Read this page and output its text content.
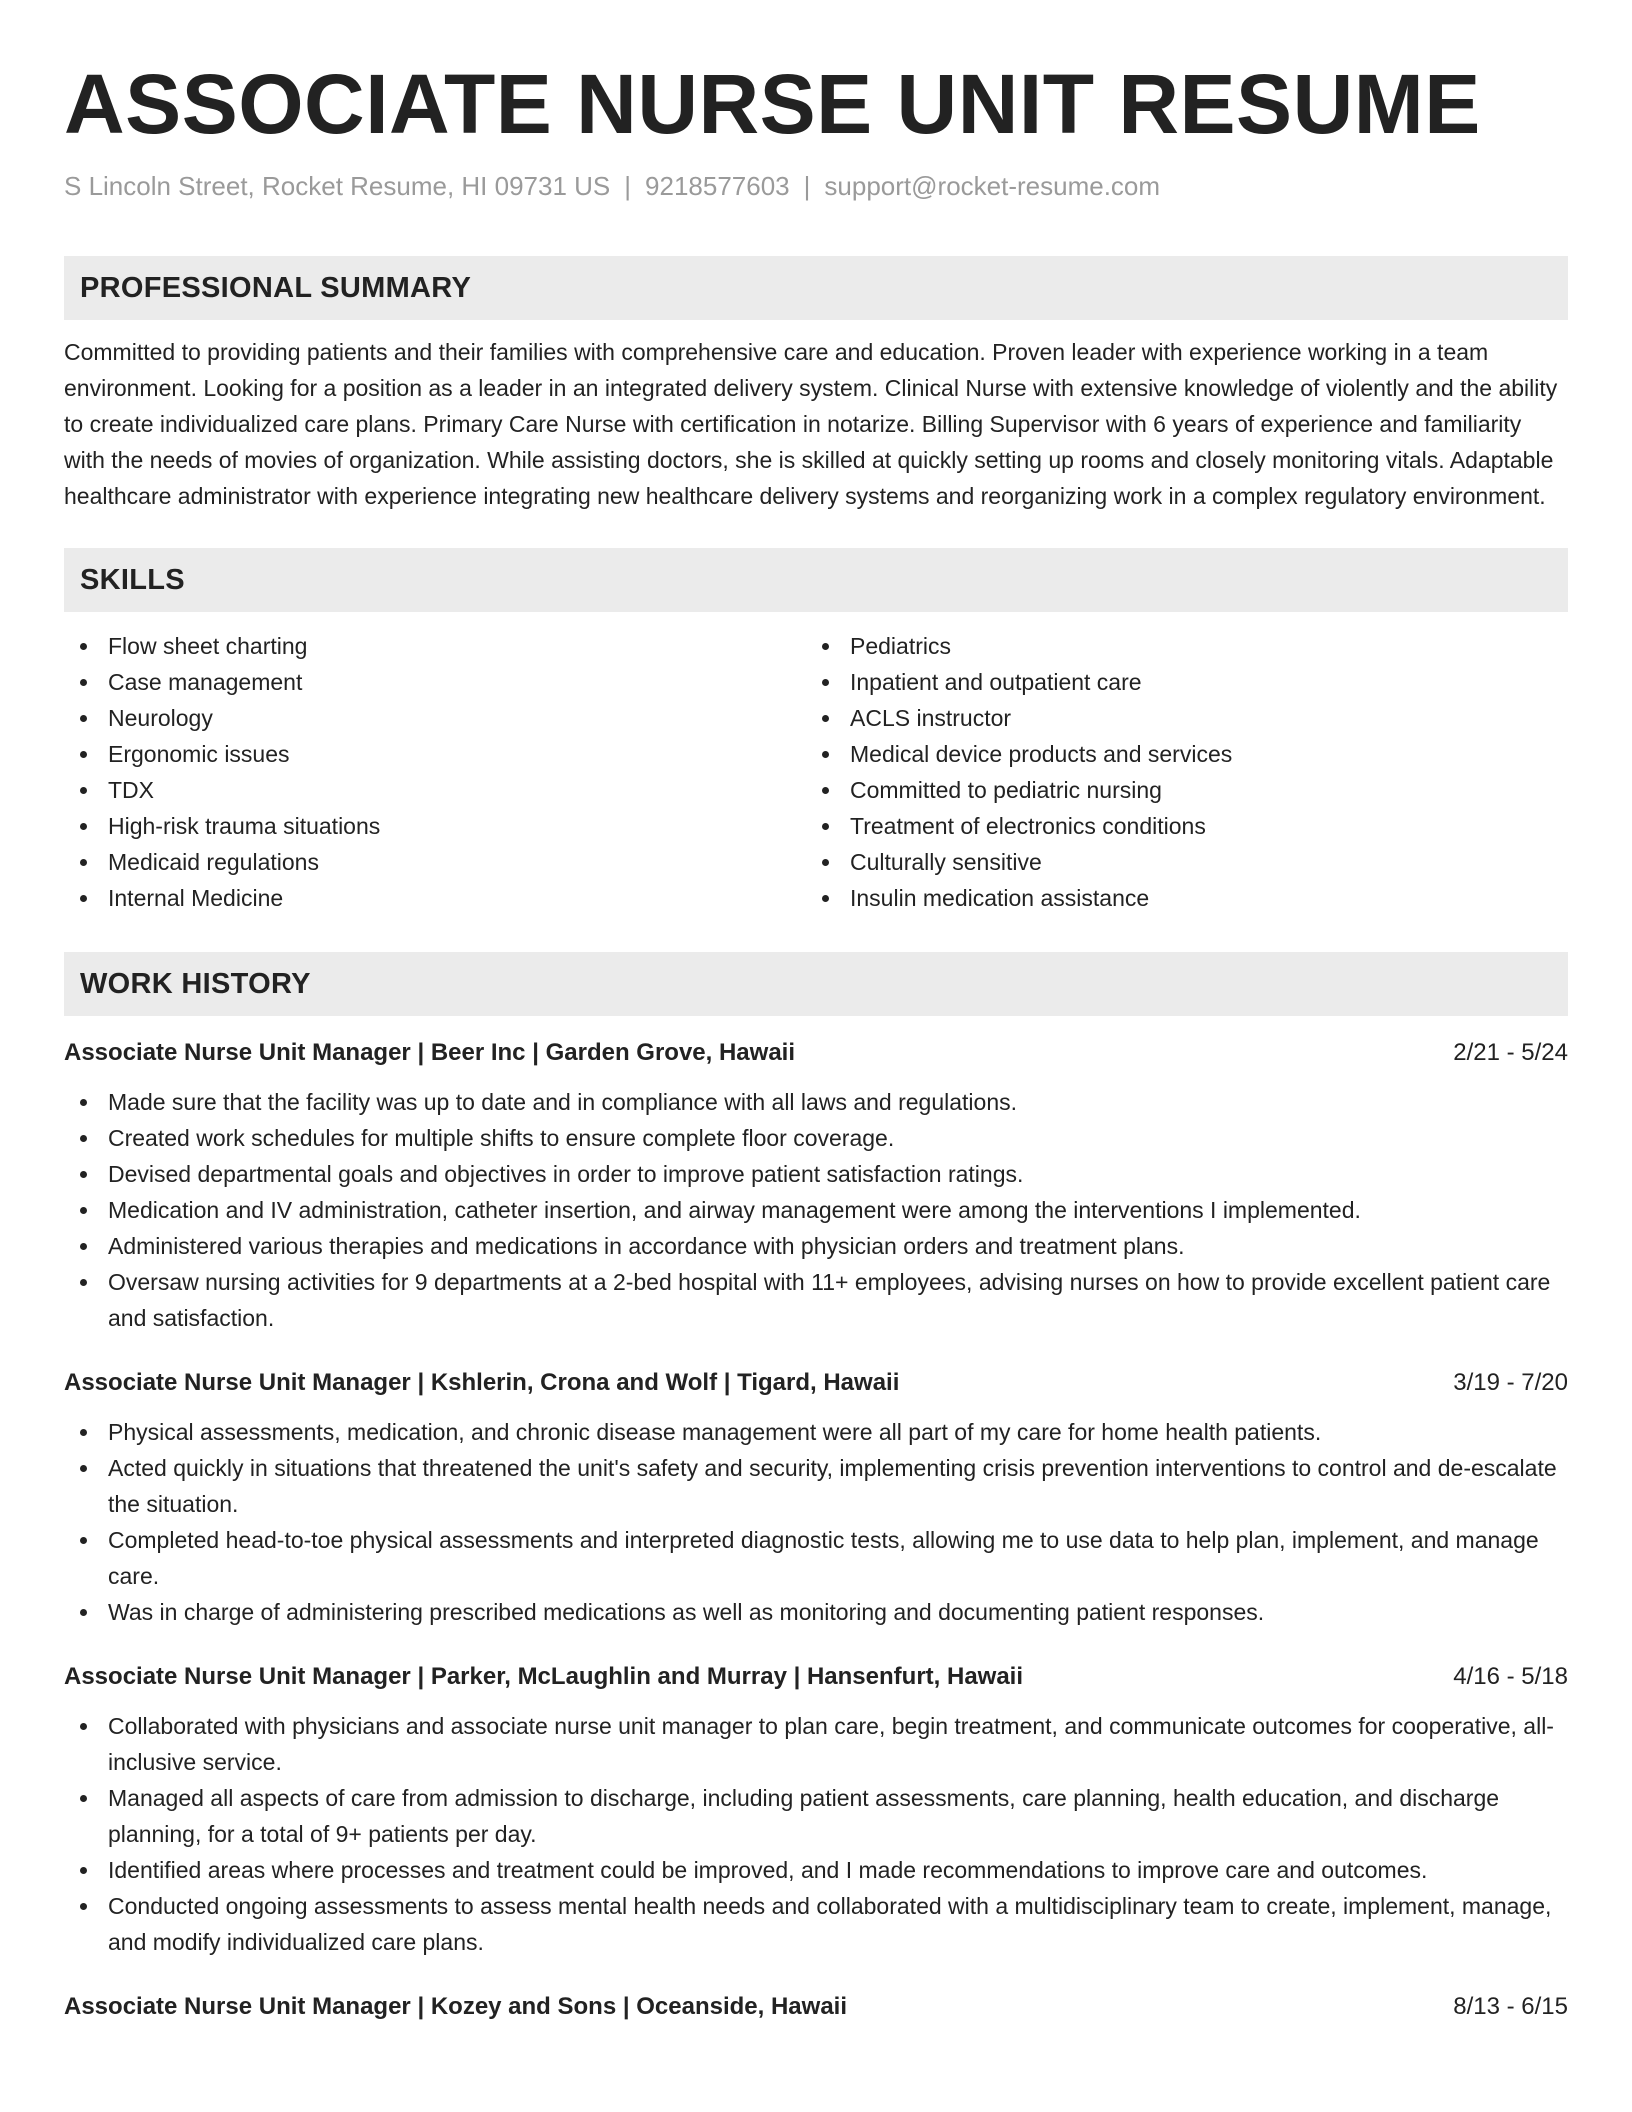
ASSOCIATE NURSE UNIT RESUME
S Lincoln Street, Rocket Resume, HI 09731 US | 9218577603 | support@rocket-resume.com
PROFESSIONAL SUMMARY

Committed to providing patients and their families with comprehensive care and education. Proven leader with experience working in a team environment. Looking for a position as a leader in an integrated delivery system. Clinical Nurse with extensive knowledge of violently and the ability to create individualized care plans. Primary Care Nurse with certification in notarize. Billing Supervisor with 6 years of experience and familiarity with the needs of movies of organization. While assisting doctors, she is skilled at quickly setting up rooms and closely monitoring vitals. Adaptable healthcare administrator with experience integrating new healthcare delivery systems and reorganizing work in a complex regulatory environment.

SKILLS
Flow sheet charting
Case management
Neurology
Ergonomic issues
TDX
High-risk trauma situations
Medicaid regulations
Internal Medicine
Pediatrics
Inpatient and outpatient care
ACLS instructor
Medical device products and services
Committed to pediatric nursing
Treatment of electronics conditions
Culturally sensitive
Insulin medication assistance
WORK HISTORY
Associate Nurse Unit Manager | Beer Inc | Garden Grove, Hawaii	2/21 - 5/24
Made sure that the facility was up to date and in compliance with all laws and regulations.
Created work schedules for multiple shifts to ensure complete floor coverage.
Devised departmental goals and objectives in order to improve patient satisfaction ratings.
Medication and IV administration, catheter insertion, and airway management were among the interventions I implemented.
Administered various therapies and medications in accordance with physician orders and treatment plans.
Oversaw nursing activities for 9 departments at a 2-bed hospital with 11+ employees, advising nurses on how to provide excellent patient care and satisfaction.
Associate Nurse Unit Manager | Kshlerin, Crona and Wolf | Tigard, Hawaii	3/19 - 7/20
Physical assessments, medication, and chronic disease management were all part of my care for home health patients.
Acted quickly in situations that threatened the unit's safety and security, implementing crisis prevention interventions to control and de-escalate the situation.
Completed head-to-toe physical assessments and interpreted diagnostic tests, allowing me to use data to help plan, implement, and manage care.
Was in charge of administering prescribed medications as well as monitoring and documenting patient responses.
Associate Nurse Unit Manager | Parker, McLaughlin and Murray | Hansenfurt, Hawaii	4/16 - 5/18
Collaborated with physicians and associate nurse unit manager to plan care, begin treatment, and communicate outcomes for cooperative, all-inclusive service.
Managed all aspects of care from admission to discharge, including patient assessments, care planning, health education, and discharge planning, for a total of 9+ patients per day.
Identified areas where processes and treatment could be improved, and I made recommendations to improve care and outcomes.
Conducted ongoing assessments to assess mental health needs and collaborated with a multidisciplinary team to create, implement, manage, and modify individualized care plans.
Associate Nurse Unit Manager | Kozey and Sons | Oceanside, Hawaii	8/13 - 6/15
